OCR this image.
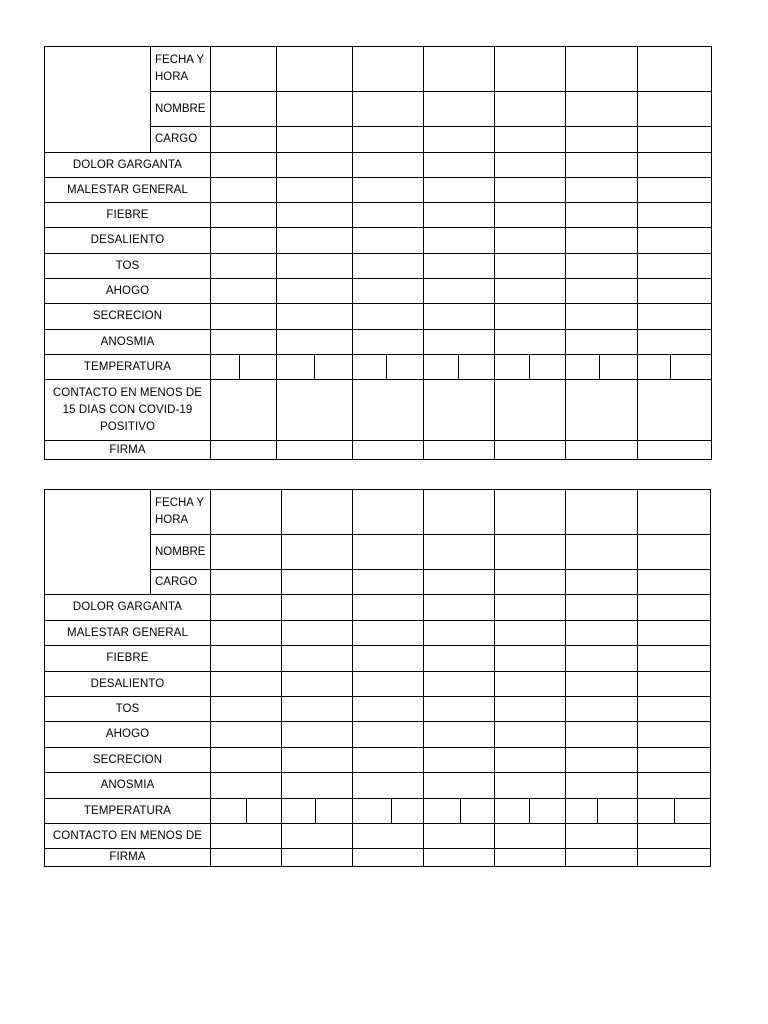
	FECHA Y HORA							
	NOMBRE							
	CARGO							
DOLOR GARGANTA								
MALESTAR GENERAL								
FIEBRE								
DESALIENTO								
TOS								
AHOGO								
SECRECION								
ANOSMIA								
TEMPERATURA		

CONTACTO EN MENOS DE 15 DIAS CON COVID-19 POSITIVO								
FIRMA								
	FECHA Y HORA							
	NOMBRE							
	CARGO							
DOLOR GARGANTA								
MALESTAR GENERAL								
FIEBRE								
DESALIENTO								
TOS								
AHOGO								
SECRECION								
ANOSMIA								
TEMPERATURA		

CONTACTO EN MENOS DE								
FIRMA								
